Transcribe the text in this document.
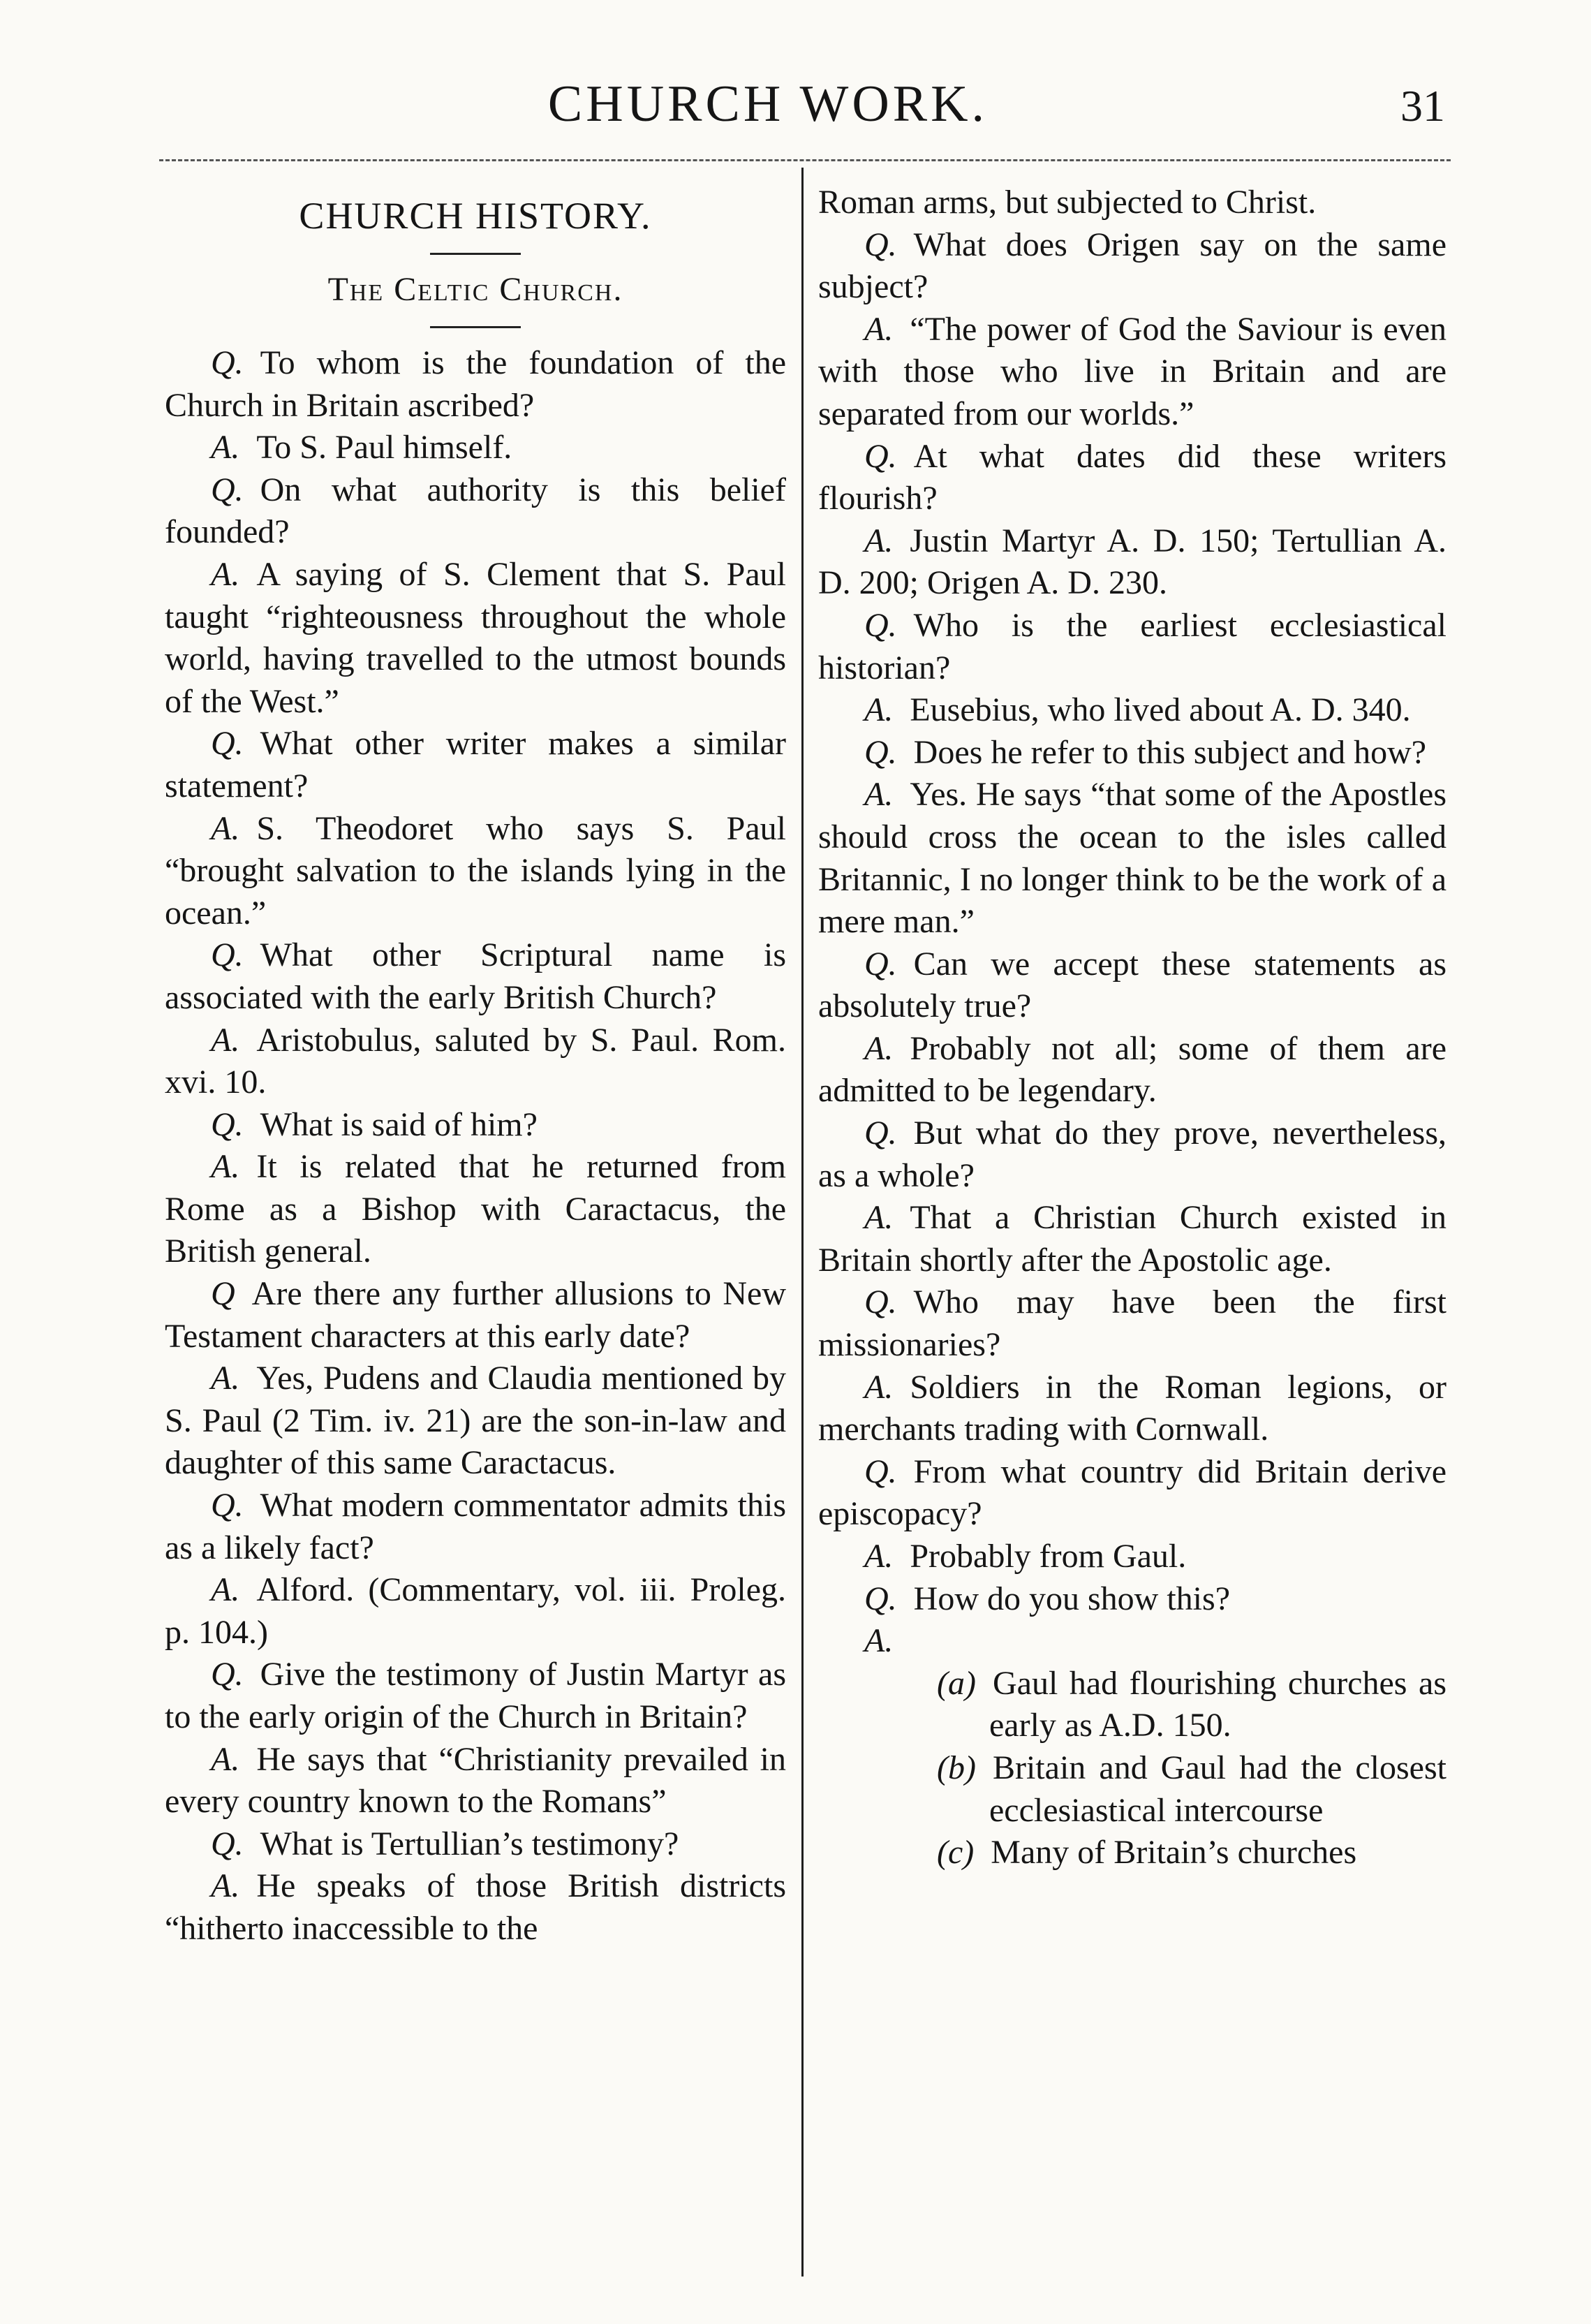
CHURCH WORK.	31
CHURCH HISTORY.
The Celtic Church.

Q.  To whom is the foundation of the Church in Britain ascribed?

A.  To S. Paul himself.

Q.  On what authority is this belief founded?

A.  A saying of S. Clement that S. Paul taught “righteousness throughout the whole world, having travelled to the utmost bounds of the West.”

Q.  What other writer makes a similar statement?

A.  S. Theodoret who says S. Paul “brought salvation to the islands lying in the ocean.”

Q.  What other Scriptural name is associated with the early British Church?

A.  Aristobulus, saluted by S. Paul. Rom. xvi. 10.

Q.  What is said of him?

A.  It is related that he returned from Rome as a Bishop with Caractacus, the British general.

Q  Are there any further allusions to New Testament characters at this early date?

A.  Yes, Pudens and Claudia mentioned by S. Paul (2 Tim. iv. 21) are the son-in-law and daughter of this same Caractacus.

Q.  What modern commentator admits this as a likely fact?

A.  Alford. (Commentary, vol. iii. Proleg. p. 104.)

Q.  Give the testimony of Justin Martyr as to the early origin of the Church in Britain?

A.  He says that “Christianity prevailed in every country known to the Romans”

Q.  What is Tertullian’s testimony?

A.  He speaks of those British districts “hitherto inaccessible to the

Roman arms, but subjected to Christ.

Q.  What does Origen say on the same subject?

A.  “The power of God the Saviour is even with those who live in Britain and are separated from our worlds.”

Q.  At what dates did these writers flourish?

A.  Justin Martyr A. D. 150; Tertullian A. D. 200; Origen A. D. 230.

Q.  Who is the earliest ecclesiastical historian?

A.  Eusebius, who lived about A. D. 340.

Q.  Does he refer to this subject and how?

A.  Yes. He says “that some of the Apostles should cross the ocean to the isles called Britannic, I no longer think to be the work of a mere man.”

Q.  Can we accept these statements as absolutely true?

A.  Probably not all; some of them are admitted to be legendary.

Q.  But what do they prove, nevertheless, as a whole?

A.  That a Christian Church existed in Britain shortly after the Apostolic age.

Q.  Who may have been the first missionaries?

A.  Soldiers in the Roman legions, or merchants trading with Cornwall.

Q.  From what country did Britain derive episcopacy?

A.  Probably from Gaul.

Q.  How do you show this?

A.

(a)  Gaul had flourishing churches as early as A.D. 150.

(b)  Britain and Gaul had the closest ecclesiastical intercourse

(c)  Many of Britain’s churches
